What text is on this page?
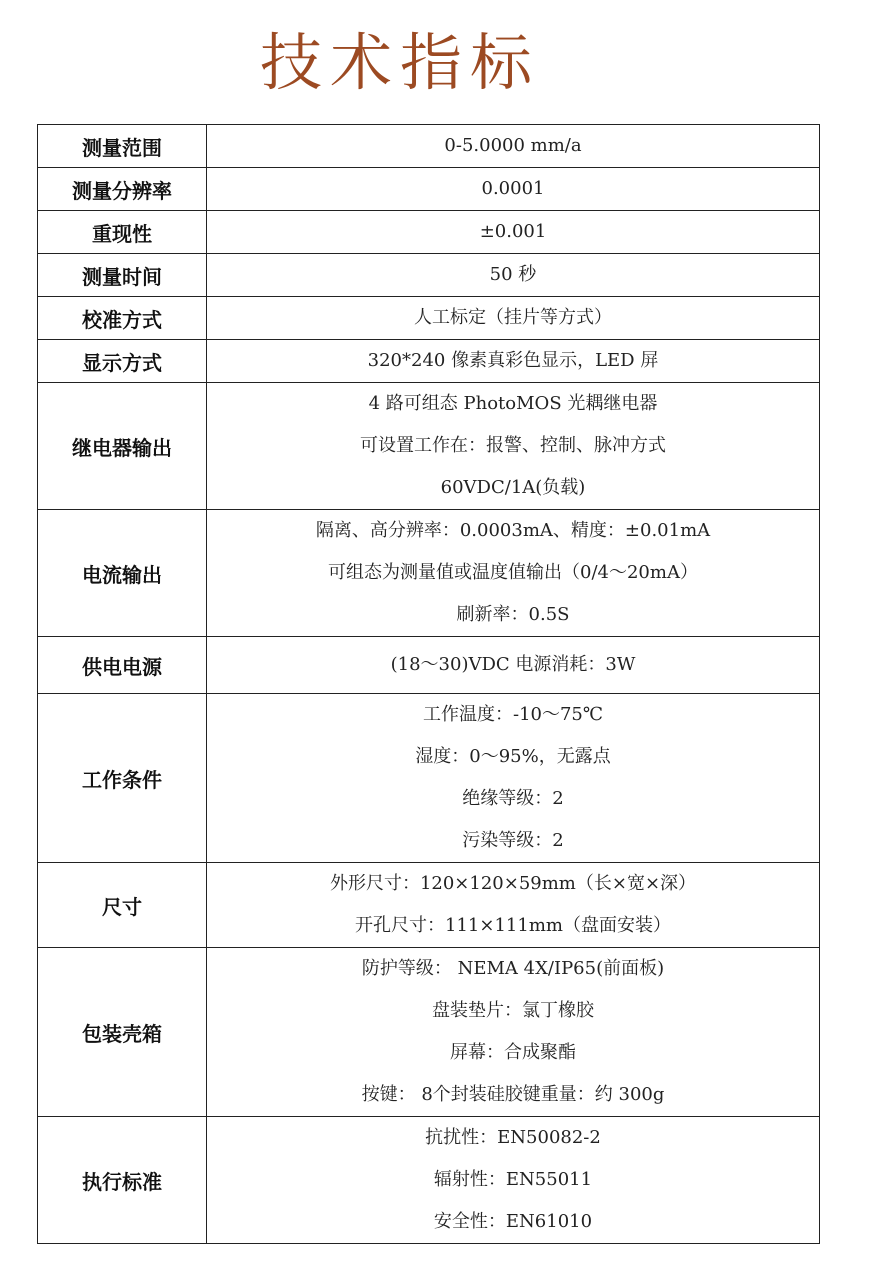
技术指标
测量范围	0-5.0000 mm/a

测量分辨率	0.0001

重现性	±0.001

测量时间	50 秒

校准方式	人工标定（挂片等方式）

显示方式	320*240 像素真彩色显示，LED 屏

继电器输出	4 路可组态 PhotoMOS 光耦继电器
可设置工作在：报警、控制、脉冲方式
60VDC/1A(负载)

电流输出	隔离、高分辨率：0.0003mA、精度：±0.01mA
可组态为测量值或温度值输出（0/4～20mA）
刷新率：0.5S

供电电源	(18～30)VDC 电源消耗：3W

工作条件	工作温度：-10～75℃
湿度：0～95%，无露点
绝缘等级：2
污染等级：2

尺寸	外形尺寸：120×120×59mm（长×宽×深）
开孔尺寸：111×111mm（盘面安装）

包装壳箱	防护等级： NEMA 4X/IP65(前面板)
盘装垫片：氯丁橡胶
屏幕：合成聚酯
按键： 8个封装硅胶键重量：约 300g

执行标准	抗扰性：EN50082-2
辐射性：EN55011
安全性：EN61010
